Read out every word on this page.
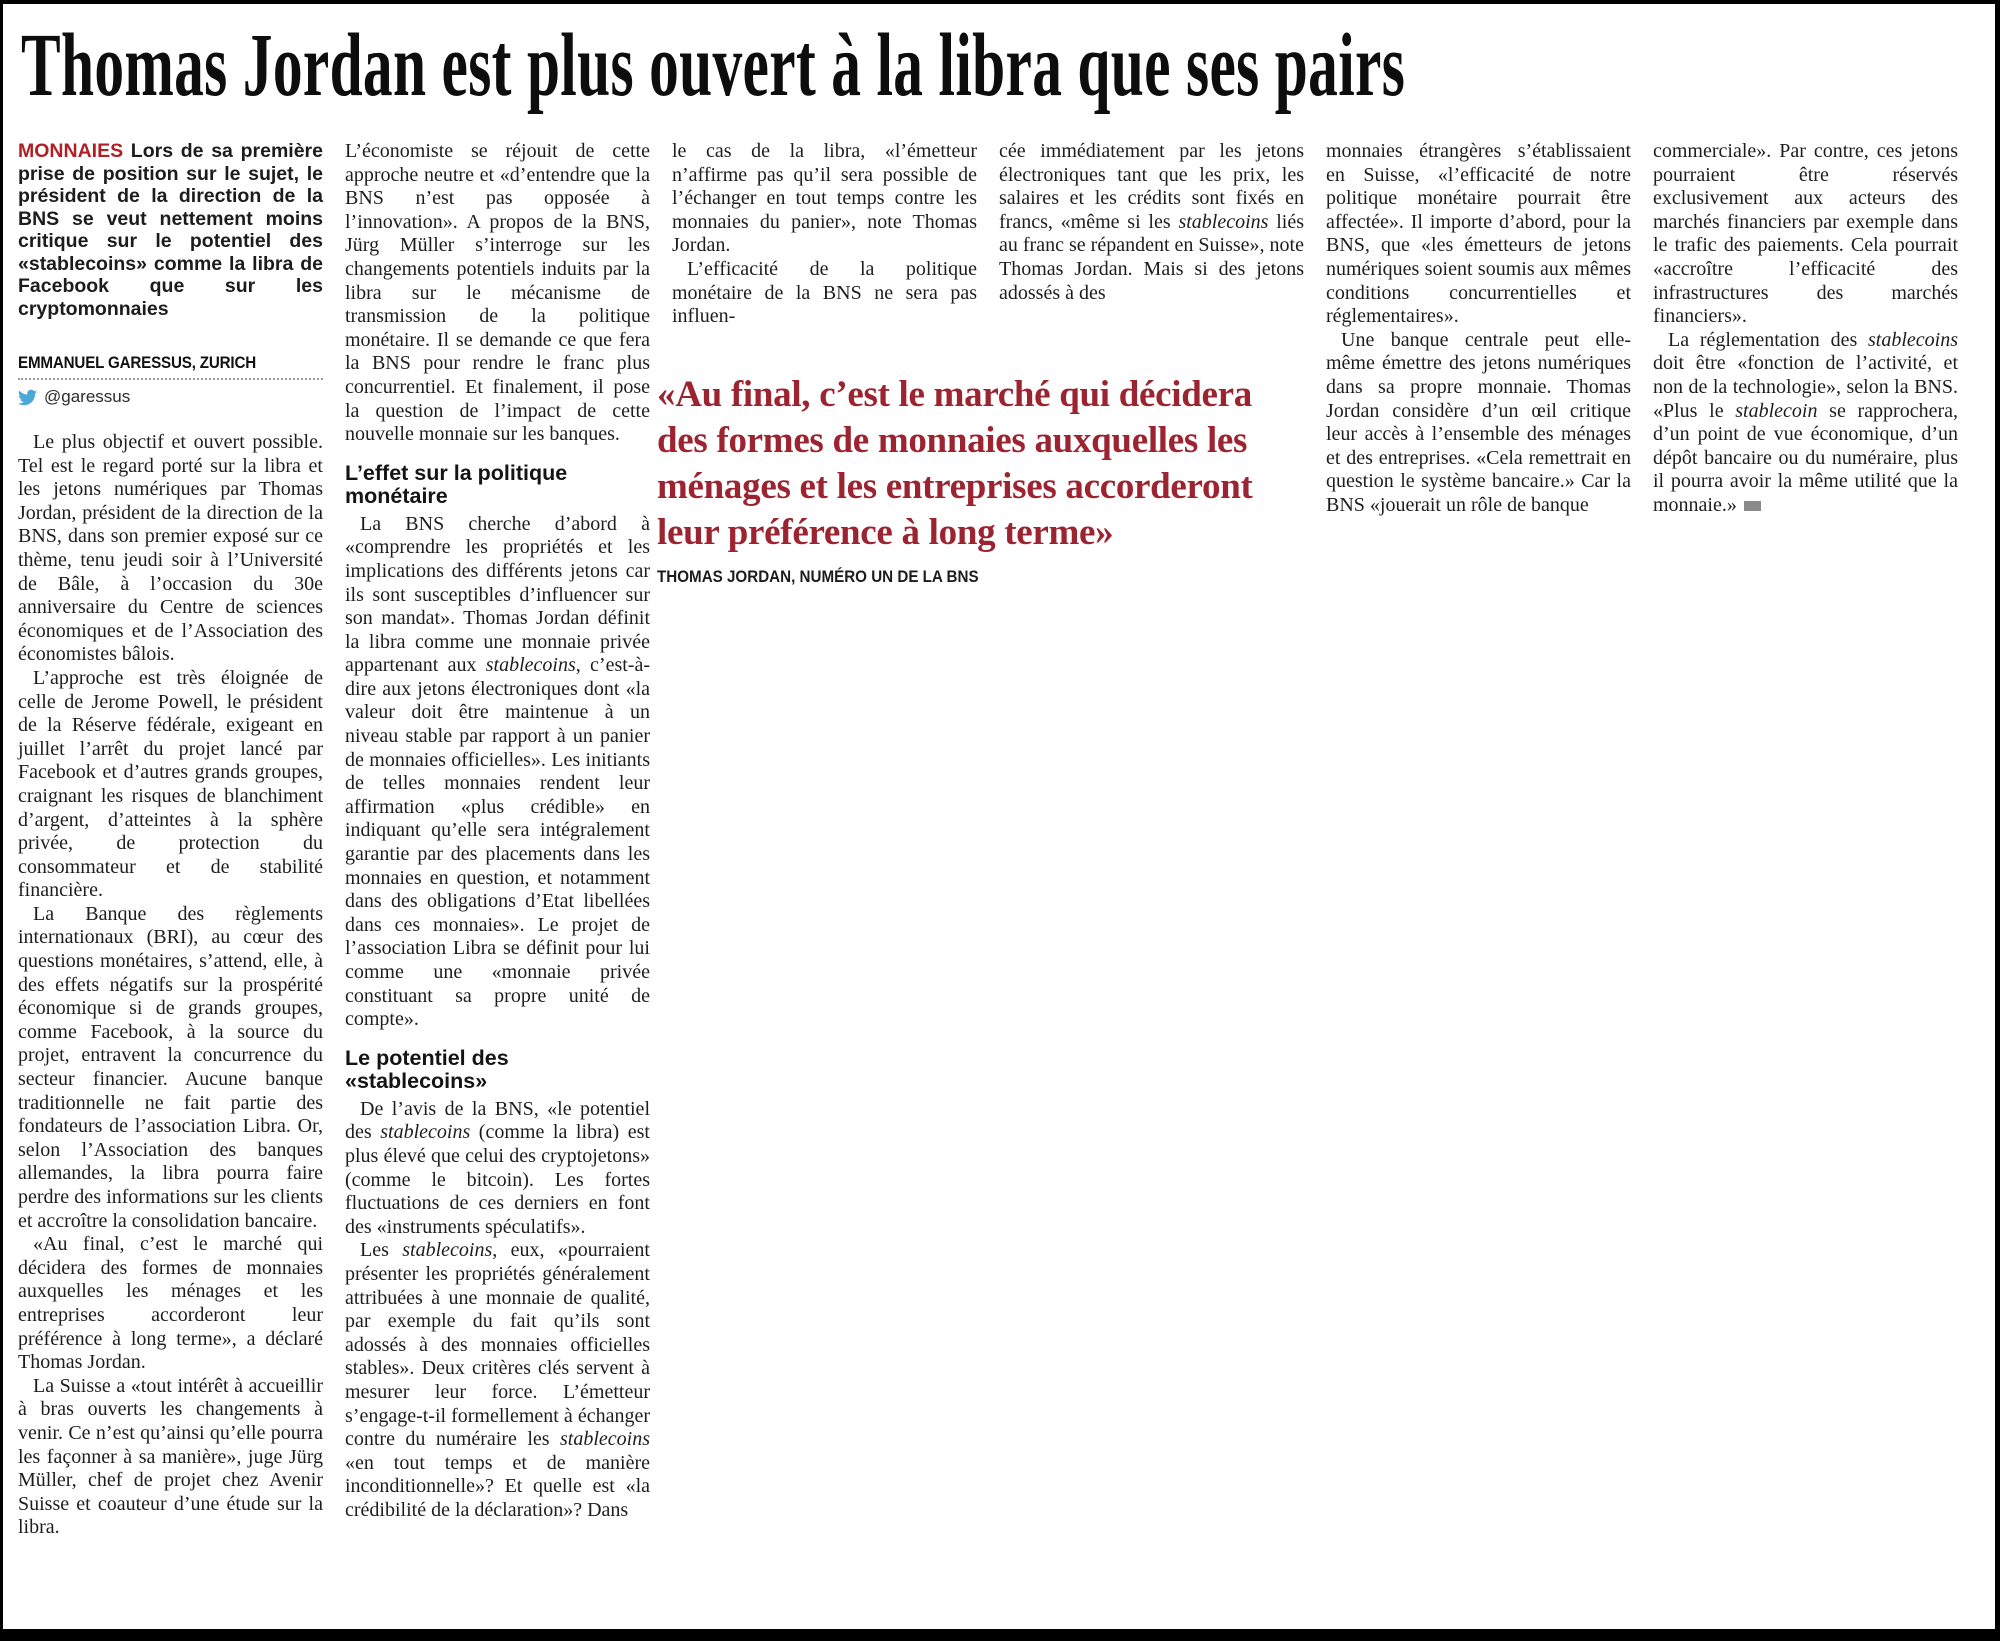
Thomas Jordan est plus ouvert à la libra que ses pairs

MONNAIES Lors de sa première prise de position sur le sujet, le président de la direction de la BNS se veut nettement moins critique sur le potentiel des «stablecoins» comme la libra de Facebook que sur les cryptomonnaies

EMMANUEL GARESSUS, ZURICH
@garessus

Le plus objectif et ouvert possible. Tel est le regard porté sur la libra et les jetons numériques par Thomas Jordan, président de la direction de la BNS, dans son premier exposé sur ce thème, tenu jeudi soir à l’Université de Bâle, à l’occasion du 30e anniversaire du Centre de sciences économiques et de l’Association des économistes bâlois.

L’approche est très éloignée de celle de Jerome Powell, le président de la Réserve fédérale, exigeant en juillet l’arrêt du projet lancé par Facebook et d’autres grands groupes, craignant les risques de blanchiment d’argent, d’atteintes à la sphère privée, de protection du consommateur et de stabilité financière.

La Banque des règlements internationaux (BRI), au cœur des questions monétaires, s’attend, elle, à des effets négatifs sur la prospérité économique si de grands groupes, comme Facebook, à la source du projet, entravent la concurrence du secteur financier. Aucune banque traditionnelle ne fait partie des fondateurs de l’association Libra. Or, selon l’Association des banques allemandes, la libra pourra faire perdre des informations sur les clients et accroître la consolidation bancaire.

«Au final, c’est le marché qui décidera des formes de monnaies auxquelles les ménages et les entreprises accorderont leur préférence à long terme», a déclaré Thomas Jordan.

La Suisse a «tout intérêt à accueillir à bras ouverts les changements à venir. Ce n’est qu’ainsi qu’elle pourra les façonner à sa manière», juge Jürg Müller, chef de projet chez Avenir Suisse et coauteur d’une étude sur la libra.

L’économiste se réjouit de cette approche neutre et «d’entendre que la BNS n’est pas opposée à l’innovation». A propos de la BNS, Jürg Müller s’interroge sur les changements potentiels induits par la libra sur le mécanisme de transmission de la politique monétaire. Il se demande ce que fera la BNS pour rendre le franc plus concurrentiel. Et finalement, il pose la question de l’impact de cette nouvelle monnaie sur les banques.

L’effet sur la politique monétaire

La BNS cherche d’abord à «comprendre les propriétés et les implications des différents jetons car ils sont susceptibles d’influencer sur son mandat». Thomas Jordan définit la libra comme une monnaie privée appartenant aux stablecoins, c’est-à-dire aux jetons électroniques dont «la valeur doit être maintenue à un niveau stable par rapport à un panier de monnaies officielles». Les initiants de telles monnaies rendent leur affirmation «plus crédible» en indiquant qu’elle sera intégralement garantie par des placements dans les monnaies en question, et notamment dans des obligations d’Etat libellées dans ces monnaies». Le projet de l’association Libra se définit pour lui comme une «monnaie privée constituant sa propre unité de compte».

Le potentiel des «stablecoins»

De l’avis de la BNS, «le potentiel des stablecoins (comme la libra) est plus élevé que celui des cryptojetons» (comme le bitcoin). Les fortes fluctuations de ces derniers en font des «instruments spéculatifs».

Les stablecoins, eux, «pourraient présenter les propriétés généralement attribuées à une monnaie de qualité, par exemple du fait qu’ils sont adossés à des monnaies officielles stables». Deux critères clés servent à mesurer leur force. L’émetteur s’engage-t-il formellement à échanger contre du numéraire les stablecoins «en tout temps et de manière inconditionnelle»? Et quelle est «la crédibilité de la déclaration»? Dans

le cas de la libra, «l’émetteur n’affirme pas qu’il sera possible de l’échanger en tout temps contre les monnaies du panier», note Thomas Jordan.

L’efficacité de la politique monétaire de la BNS ne sera pas influen-

cée immédiatement par les jetons électroniques tant que les prix, les salaires et les crédits sont fixés en francs, «même si les stablecoins liés au franc se répandent en Suisse», note Thomas Jordan. Mais si des jetons adossés à des

monnaies étrangères s’établissaient en Suisse, «l’efficacité de notre politique monétaire pourrait être affectée». Il importe d’abord, pour la BNS, que «les émetteurs de jetons numériques soient soumis aux mêmes conditions concurrentielles et réglementaires».

Une banque centrale peut elle-même émettre des jetons numériques dans sa propre monnaie. Thomas Jordan considère d’un œil critique leur accès à l’ensemble des ménages et des entreprises. «Cela remettrait en question le système bancaire.» Car la BNS «jouerait un rôle de banque

commerciale». Par contre, ces jetons pourraient être réservés exclusivement aux acteurs des marchés financiers par exemple dans le trafic des paiements. Cela pourrait «accroître l’efficacité des infrastructures des marchés financiers».

La réglementation des stablecoins doit être «fonction de l’activité, et non de la technologie», selon la BNS. «Plus le stablecoin se rapprochera, d’un point de vue économique, d’un dépôt bancaire ou du numéraire, plus il pourra avoir la même utilité que la monnaie.»

«Au final, c’est le marché qui décidera des formes de monnaies auxquelles les ménages et les entreprises accorderont leur préférence à long terme»

THOMAS JORDAN, NUMÉRO UN DE LA BNS
